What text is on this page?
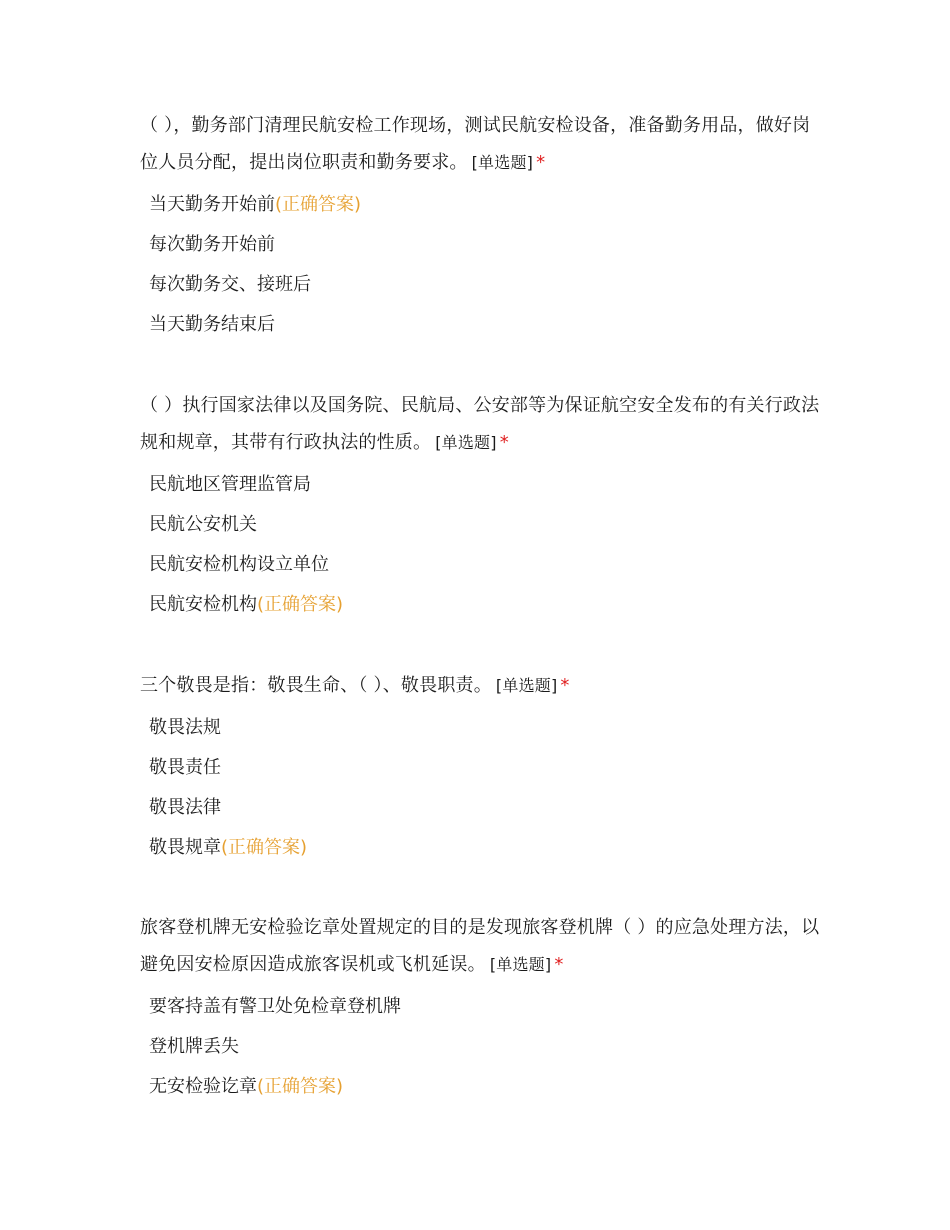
（ ），勤务部门清理民航安检工作现场，测试民航安检设备，准备勤务用品，做好岗位人员分配，提出岗位职责和勤务要求。 [单选题] *

当天勤务开始前(正确答案)
每次勤务开始前
每次勤务交、接班后
当天勤务结束后

（ ）执行国家法律以及国务院、民航局、公安部等为保证航空安全发布的有关行政法规和规章，其带有行政执法的性质。 [单选题] *

民航地区管理监管局
民航公安机关
民航安检机构设立单位
民航安检机构(正确答案)

三个敬畏是指：敬畏生命、（ ）、敬畏职责。 [单选题] *

敬畏法规
敬畏责任
敬畏法律
敬畏规章(正确答案)

旅客登机牌无安检验讫章处置规定的目的是发现旅客登机牌（ ）的应急处理方法，以避免因安检原因造成旅客误机或飞机延误。 [单选题] *

要客持盖有警卫处免检章登机牌
登机牌丢失
无安检验讫章(正确答案)
